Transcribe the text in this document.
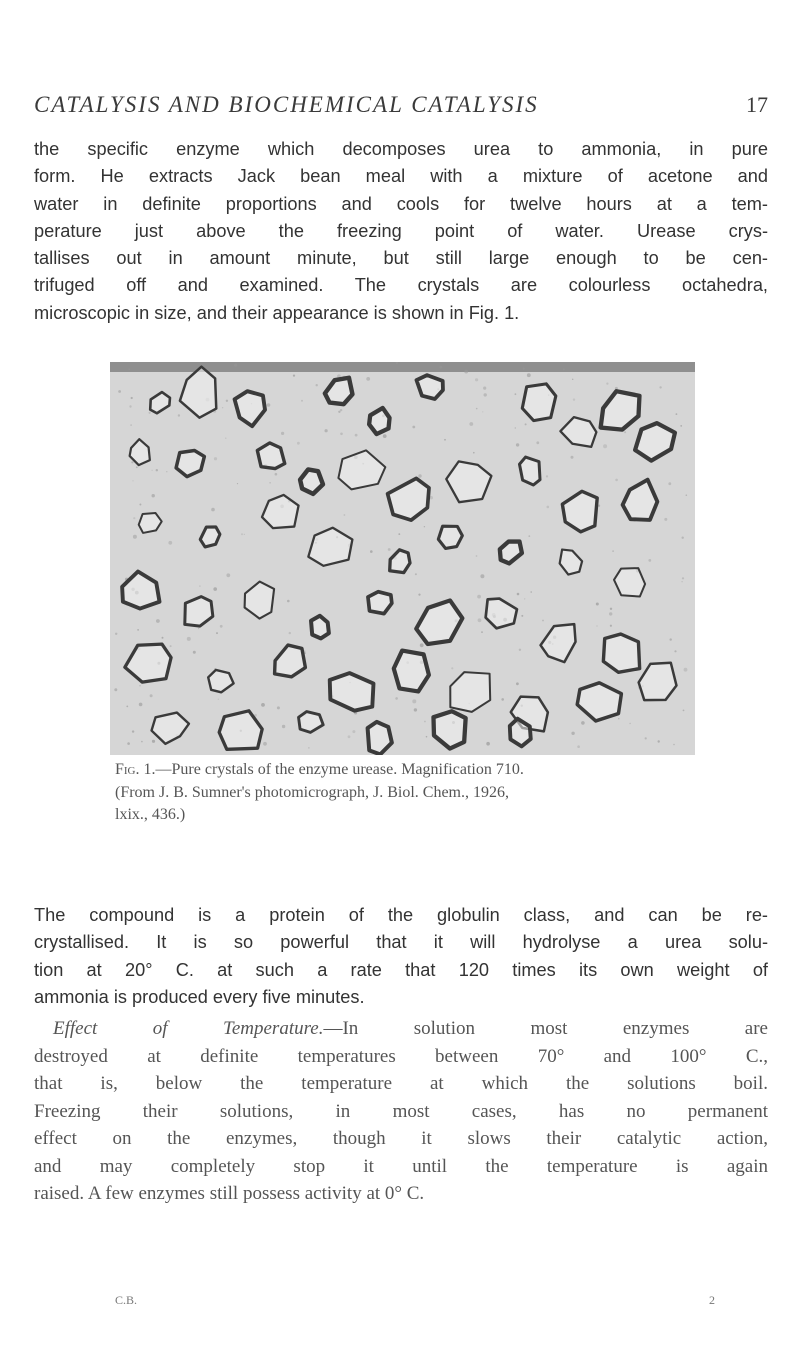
CATALYSIS AND BIOCHEMICAL CATALYSIS	17

the specific enzyme which decomposes urea to ammonia, in pure
form. He extracts Jack bean meal with a mixture of acetone and
water in definite proportions and cools for twelve hours at a tem-
perature just above the freezing point of water. Urease crys-
tallises out in amount minute, but still large enough to be cen-
trifuged off and examined. The crystals are colourless octahedra,
microscopic in size, and their appearance is shown in Fig. 1.

Fig. 1.—Pure crystals of the enzyme urease. Magnification 710.
(From J. B. Sumner's photomicrograph, J. Biol. Chem., 1926,
lxix., 436.)

The compound is a protein of the globulin class, and can be re-
crystallised. It is so powerful that it will hydrolyse a urea solu-
tion at 20° C. at such a rate that 120 times its own weight of
ammonia is produced every five minutes.

 Effect of Temperature.—In solution most enzymes are
destroyed at definite temperatures between 70° and 100° C.,
that is, below the temperature at which the solutions boil.
Freezing their solutions, in most cases, has no permanent
effect on the enzymes, though it slows their catalytic action,
and may completely stop it until the temperature is again
raised. A few enzymes still possess activity at 0° C.

C.B.	2
